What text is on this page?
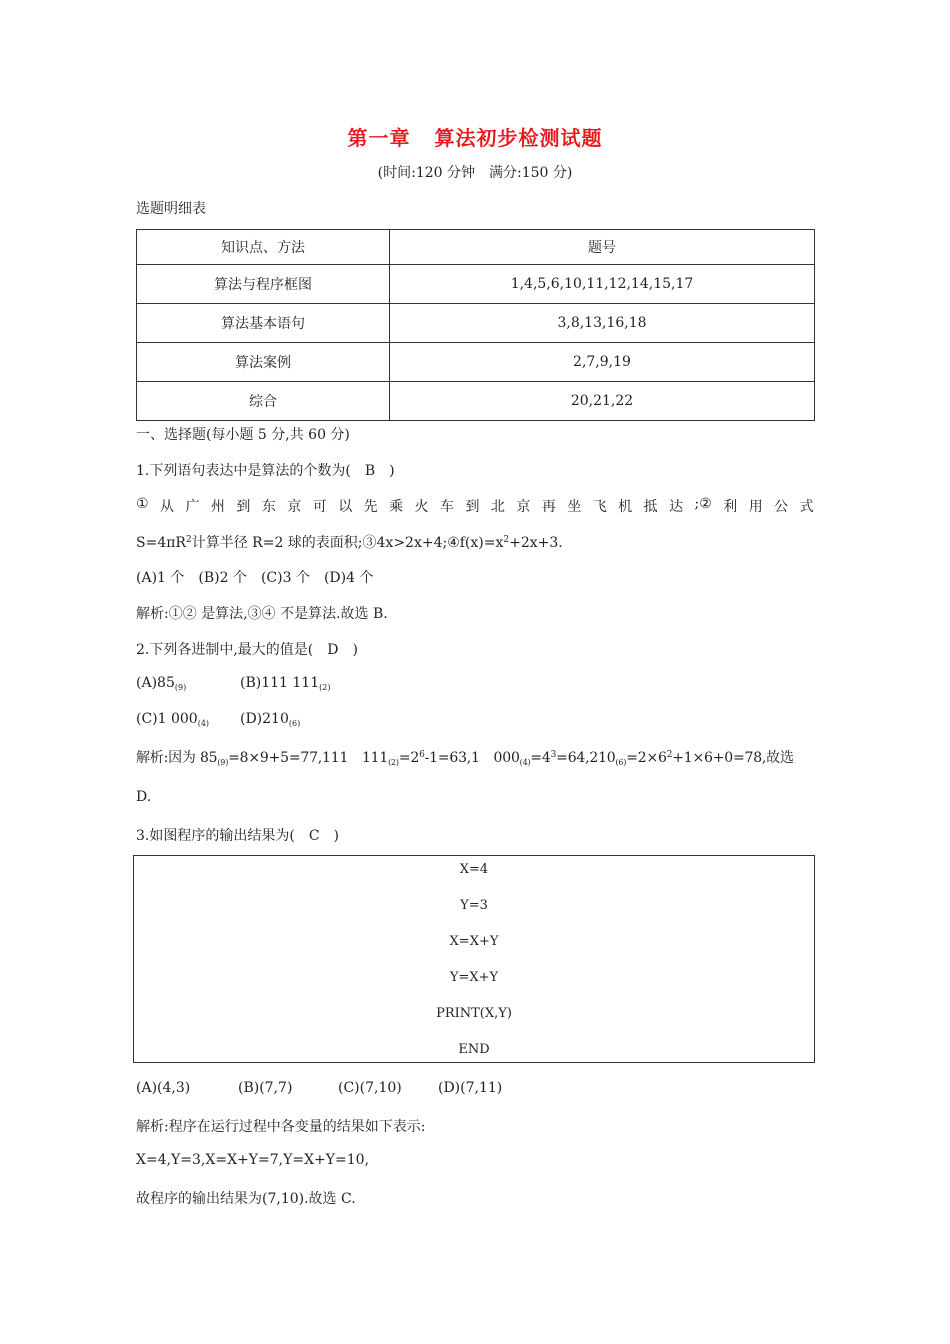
第一章 算法初步检测试题
(时间:120 分钟　满分:150 分)
选题明细表
知识点、方法	题号
算法与程序框图	1,4,5,6,10,11,12,14,15,17
算法基本语句	3,8,13,16,18
算法案例	2,7,9,19
综合	20,21,22
一、选择题(每小题 5 分,共 60 分)
1.下列语句表达中是算法的个数为(　B　)
① 从 广 州 到 东 京 可 以 先 乘 火 车 到 北 京 再 坐 飞 机 抵 达 ;② 利 用 公 式
$S=4\pi R^2$计算半径 R=2 球的表面积$;③4x>2x+4;④f(x)=x^2+2x+3$.
(A)1 个　(B)2 个　(C)3 个　(D)4 个
解析:①② 是算法,③④ 不是算法.故选 B.
2.下列各进制中,最大的值是(　D　)
$(A)85_{(9)}$	(B)111 $111_{(2)}$
(C)1 $000_{(4)}$ $(D)210_{(6)}$
解析:因为 $85_{(9)}=8\times 9+5=77,111$　$111_{(2)}=2^6-1=63,1$　$000_{(4)}=4^3=64,210_{(6)}=2\times 6^2+1\times 6+0=78$,故选
D.
3.如图程序的输出结果为(　C　)
X=4
Y=3
X=X+Y
Y=X+Y
PRINT(X,Y)
END
(A)(4,3)	(B)(7,7)	(C)(7,10)	(D)(7,11)
解析:程序在运行过程中各变量的结果如下表示:
X=4,Y=3,X=X+Y=7,Y=X+Y=10,
故程序的输出结果为(7,10).故选 C.
